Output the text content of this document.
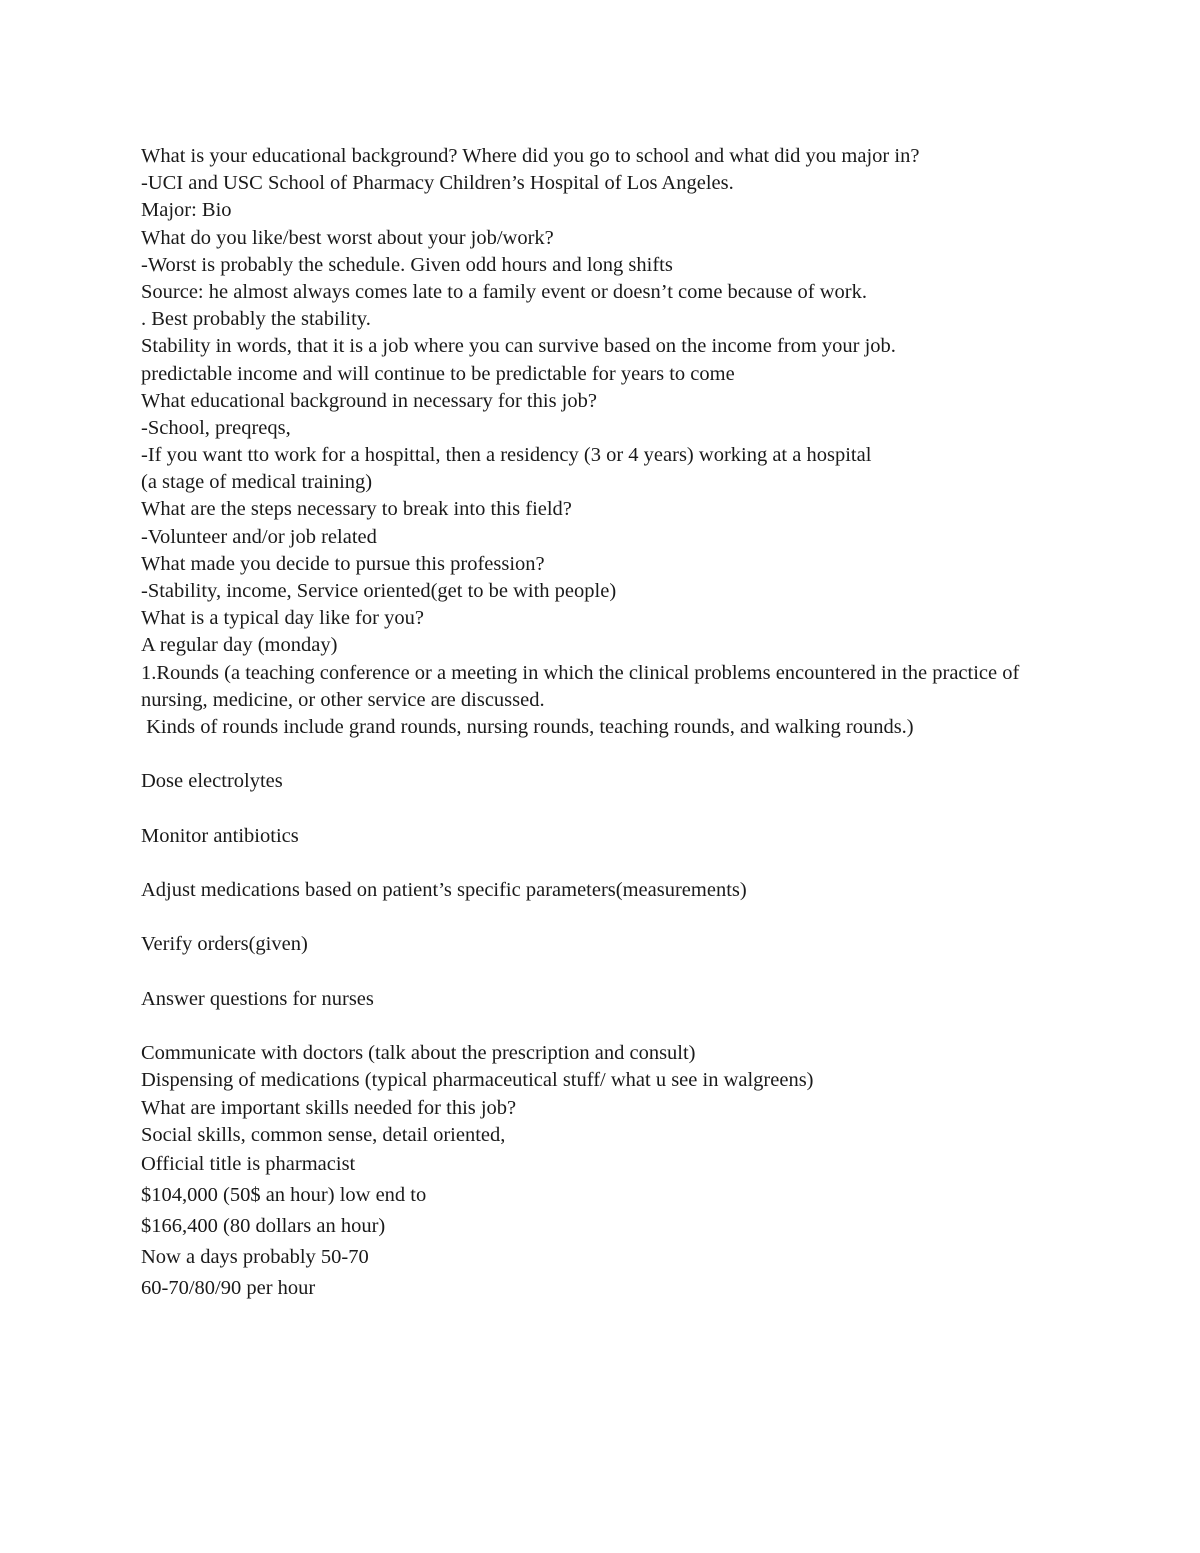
What is your educational background? Where did you go to school and what did you major in?
-UCI and USC School of Pharmacy Children’s Hospital of Los Angeles.
Major: Bio
What do you like/best worst about your job/work?
-Worst is probably the schedule. Given odd hours and long shifts
Source: he almost always comes late to a family event or doesn’t come because of work.
. Best probably the stability.
Stability in words, that it is a job where you can survive based on the income from your job.
predictable income and will continue to be predictable for years to come
What educational background in necessary for this job?
-School, preqreqs,
-If you want tto work for a hospittal, then a residency (3 or 4 years) working at a hospital
(a stage of medical training)
What are the steps necessary to break into this field?
-Volunteer and/or job related
What made you decide to pursue this profession?
-Stability, income, Service oriented(get to be with people)
What is a typical day like for you?
A regular day (monday)
1.Rounds (a teaching conference or a meeting in which the clinical problems encountered in the practice of
nursing, medicine, or other service are discussed.
Kinds of rounds include grand rounds, nursing rounds, teaching rounds, and walking rounds.)
Dose electrolytes
Monitor antibiotics
Adjust medications based on patient’s specific parameters(measurements)
Verify orders(given)
Answer questions for nurses
Communicate with doctors (talk about the prescription and consult)
Dispensing of medications (typical pharmaceutical stuff/ what u see in walgreens)
What are important skills needed for this job?
Social skills, common sense, detail oriented,
Official title is pharmacist
$104,000 (50$ an hour) low end to
$166,400 (80 dollars an hour)
Now a days probably 50-70
60-70/80/90 per hour
